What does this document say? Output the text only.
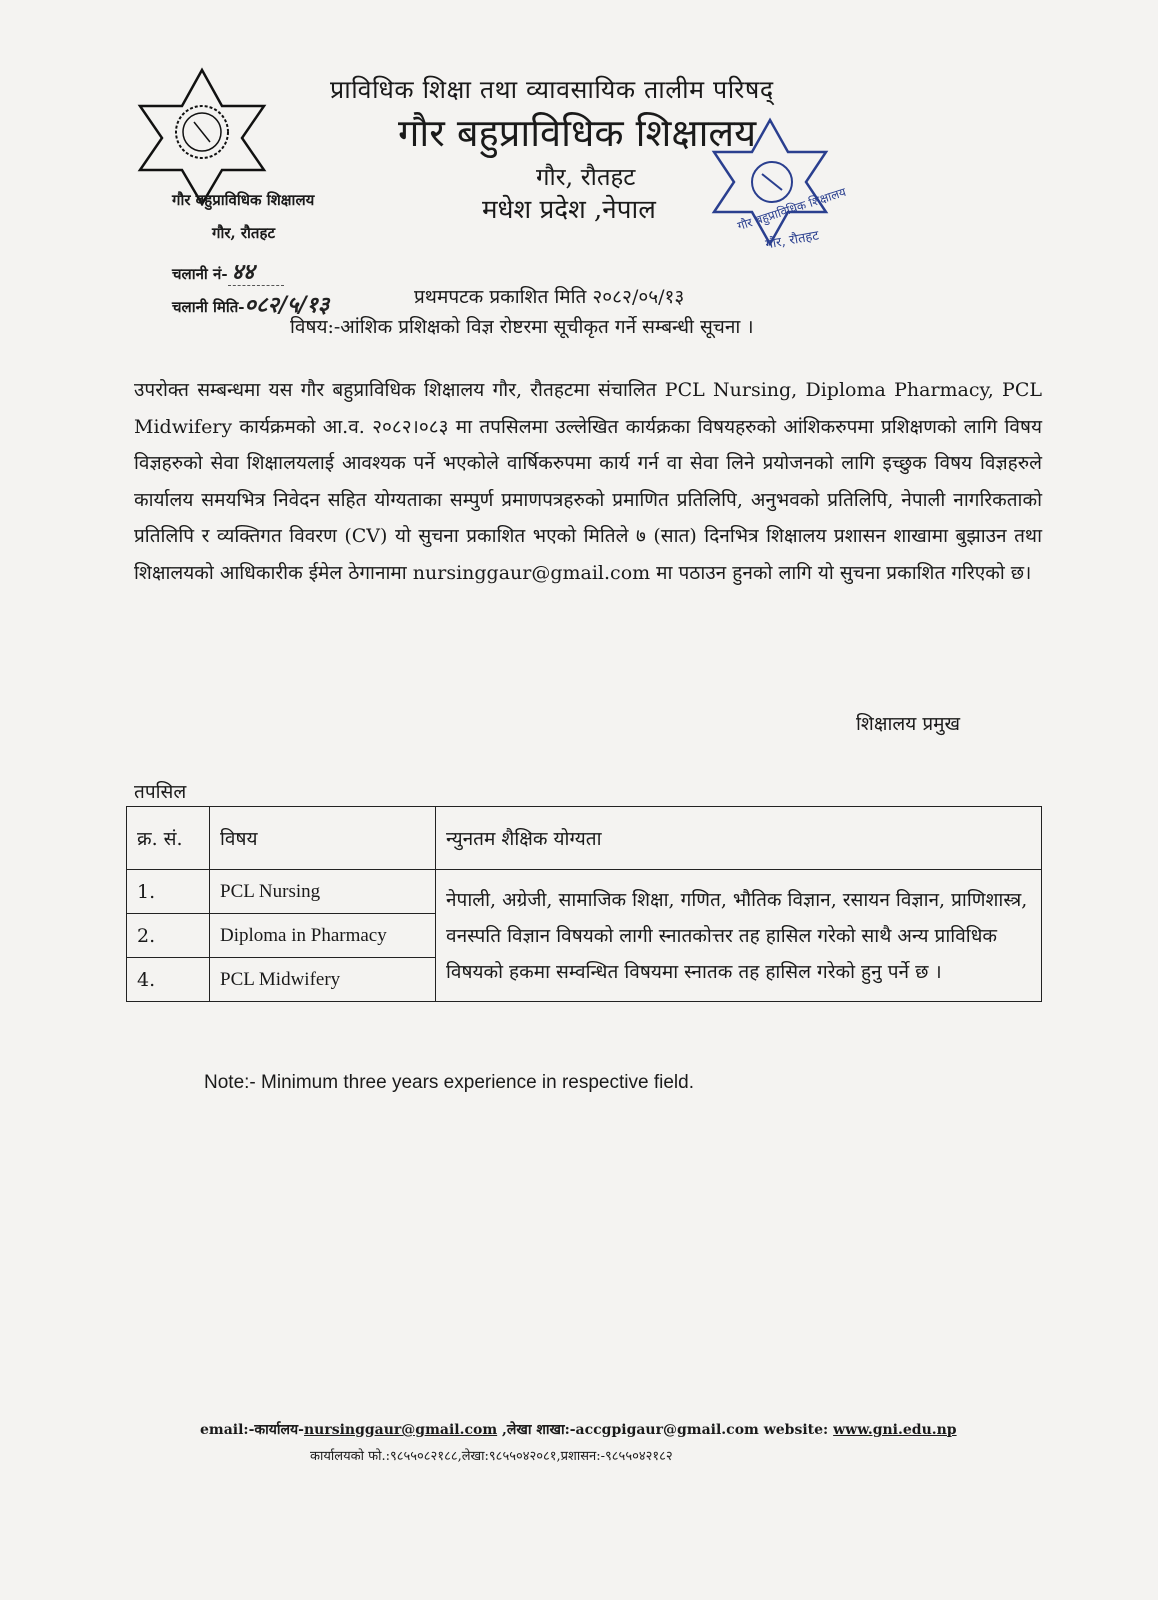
गौर बहुप्राविधिक शिक्षालय
गौर, रौतहट
प्राविधिक शिक्षा तथा व्यावसायिक तालीम परिषद्
गौर बहुप्राविधिक शिक्षालय
गौर, रौतहट
मधेश प्रदेश ,नेपाल
गौर बहुप्राविधिक शिक्षालय
गौर, रौतहट
चलानी नं- ४४
चलानी मिति-०८२/५/१३	प्रथमपटक प्रकाशित मिति २०८२/०५/१३
विषय:-आंशिक प्रशिक्षको विज्ञ रोष्टरमा सूचीकृत गर्ने सम्बन्धी सूचना ।
उपरोक्त सम्बन्धमा यस गौर बहुप्राविधिक शिक्षालय गौर, रौतहटमा संचालित PCL Nursing, Diploma Pharmacy, PCL Midwifery कार्यक्रमको आ.व. २०८२।०८३ मा तपसिलमा उल्लेखित कार्यक्रका विषयहरुको आंशिकरुपमा प्रशिक्षणको लागि विषय विज्ञहरुको सेवा शिक्षालयलाई आवश्यक पर्ने भएकोले वार्षिकरुपमा कार्य गर्न वा सेवा लिने प्रयोजनको लागि इच्छुक विषय विज्ञहरुले कार्यालय समयभित्र निवेदन सहित योग्यताका सम्पुर्ण प्रमाणपत्रहरुको प्रमाणित प्रतिलिपि, अनुभवको प्रतिलिपि, नेपाली नागरिकताको प्रतिलिपि र व्यक्तिगत विवरण (CV) यो सुचना प्रकाशित भएको मितिले ७ (सात) दिनभित्र शिक्षालय प्रशासन शाखामा बुझाउन तथा शिक्षालयको आधिकारीक ईमेल ठेगानामा nursinggaur@gmail.com मा पठाउन हुनको लागि यो सुचना प्रकाशित गरिएको छ।
शिक्षालय प्रमुख
तपसिल
क्र. सं.	विषय	न्युनतम शैक्षिक योग्यता
1.	PCL Nursing	नेपाली, अग्रेजी, सामाजिक शिक्षा, गणित, भौतिक विज्ञान, रसायन विज्ञान, प्राणिशास्त्र, वनस्पति विज्ञान विषयको लागी स्नातकोत्तर तह हासिल गरेको साथै अन्य प्राविधिक विषयको हकमा सम्वन्धित विषयमा स्नातक तह हासिल गरेको हुनु पर्ने छ ।
2.	Diploma in Pharmacy	
4.	PCL Midwifery	
Note:- Minimum three years experience in respective field.
email:-कार्यालय-nursinggaur@gmail.com ,लेखा शाखा:-accgpigaur@gmail.com website: www.gni.edu.np
कार्यालयको फो.:९८५५०८२१८८,लेखा:९८५५०४२०८१,प्रशासन:-९८५५०४२१८२
